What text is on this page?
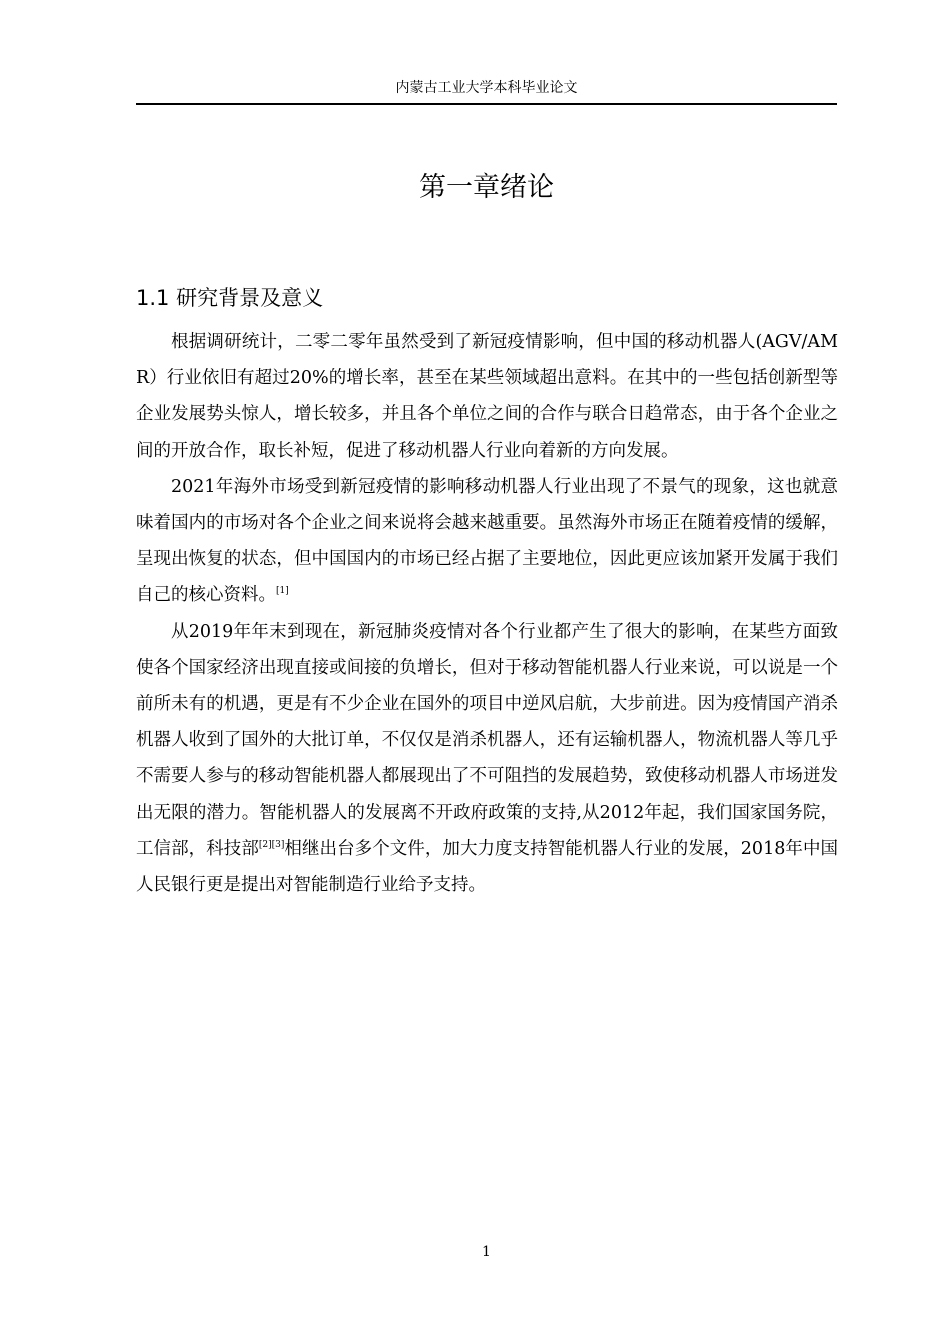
内蒙古工业大学本科毕业论文
第一章绪论
1.1 研究背景及意义

根据调研统计，二零二零年虽然受到了新冠疫情影响，但中国的移动机器人(AGV/AMR）行业依旧有超过20%的增长率，甚至在某些领域超出意料。在其中的一些包括创新型等企业发展势头惊人，增长较多，并且各个单位之间的合作与联合日趋常态，由于各个企业之间的开放合作，取长补短，促进了移动机器人行业向着新的方向发展。

2021年海外市场受到新冠疫情的影响移动机器人行业出现了不景气的现象，这也就意味着国内的市场对各个企业之间来说将会越来越重要。虽然海外市场正在随着疫情的缓解，呈现出恢复的状态，但中国国内的市场已经占据了主要地位，因此更应该加紧开发属于我们自己的核心资料。[1]

从2019年年末到现在，新冠肺炎疫情对各个行业都产生了很大的影响，在某些方面致使各个国家经济出现直接或间接的负增长，但对于移动智能机器人行业来说，可以说是一个前所未有的机遇，更是有不少企业在国外的项目中逆风启航，大步前进。因为疫情国产消杀机器人收到了国外的大批订单，不仅仅是消杀机器人，还有运输机器人，物流机器人等几乎不需要人参与的移动智能机器人都展现出了不可阻挡的发展趋势，致使移动机器人市场迸发出无限的潜力。智能机器人的发展离不开政府政策的支持,从2012年起，我们国家国务院，工信部，科技部[2][3]相继出台多个文件，加大力度支持智能机器人行业的发展，2018年中国人民银行更是提出对智能制造行业给予支持。

1
